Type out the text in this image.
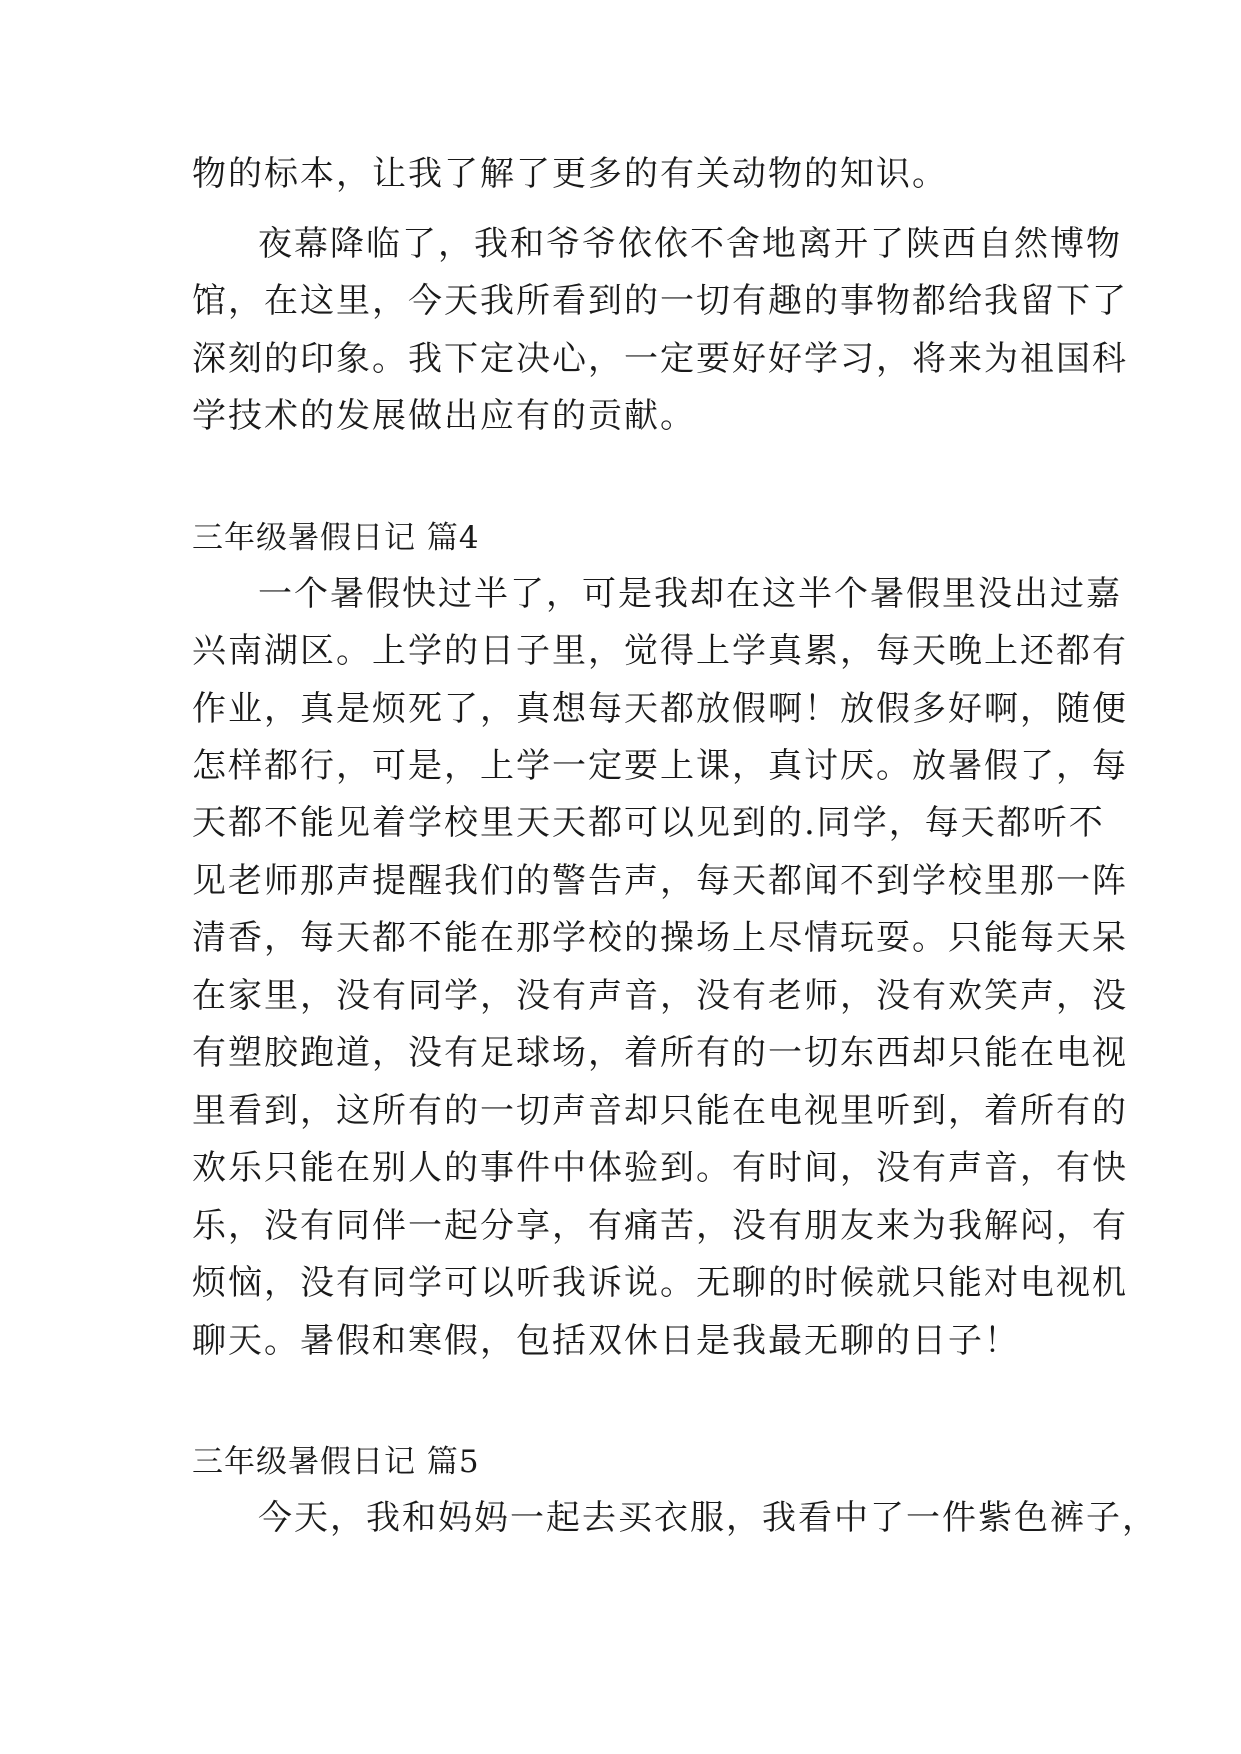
物的标本，让我了解了更多的有关动物的知识。
夜幕降临了，我和爷爷依依不舍地离开了陕西自然博物
馆，在这里，今天我所看到的一切有趣的事物都给我留下了
深刻的印象。我下定决心，一定要好好学习，将来为祖国科
学技术的发展做出应有的贡献。
三年级暑假日记 篇4
一个暑假快过半了，可是我却在这半个暑假里没出过嘉
兴南湖区。上学的日子里，觉得上学真累，每天晚上还都有
作业，真是烦死了，真想每天都放假啊！放假多好啊，随便
怎样都行，可是，上学一定要上课，真讨厌。放暑假了，每
天都不能见着学校里天天都可以见到的.同学，每天都听不
见老师那声提醒我们的警告声，每天都闻不到学校里那一阵
清香，每天都不能在那学校的操场上尽情玩耍。只能每天呆
在家里，没有同学，没有声音，没有老师，没有欢笑声，没
有塑胶跑道，没有足球场，着所有的一切东西却只能在电视
里看到，这所有的一切声音却只能在电视里听到，着所有的
欢乐只能在别人的事件中体验到。有时间，没有声音，有快
乐，没有同伴一起分享，有痛苦，没有朋友来为我解闷，有
烦恼，没有同学可以听我诉说。无聊的时候就只能对电视机
聊天。暑假和寒假，包括双休日是我最无聊的日子！
三年级暑假日记 篇5
今天，我和妈妈一起去买衣服，我看中了一件紫色裤子，
